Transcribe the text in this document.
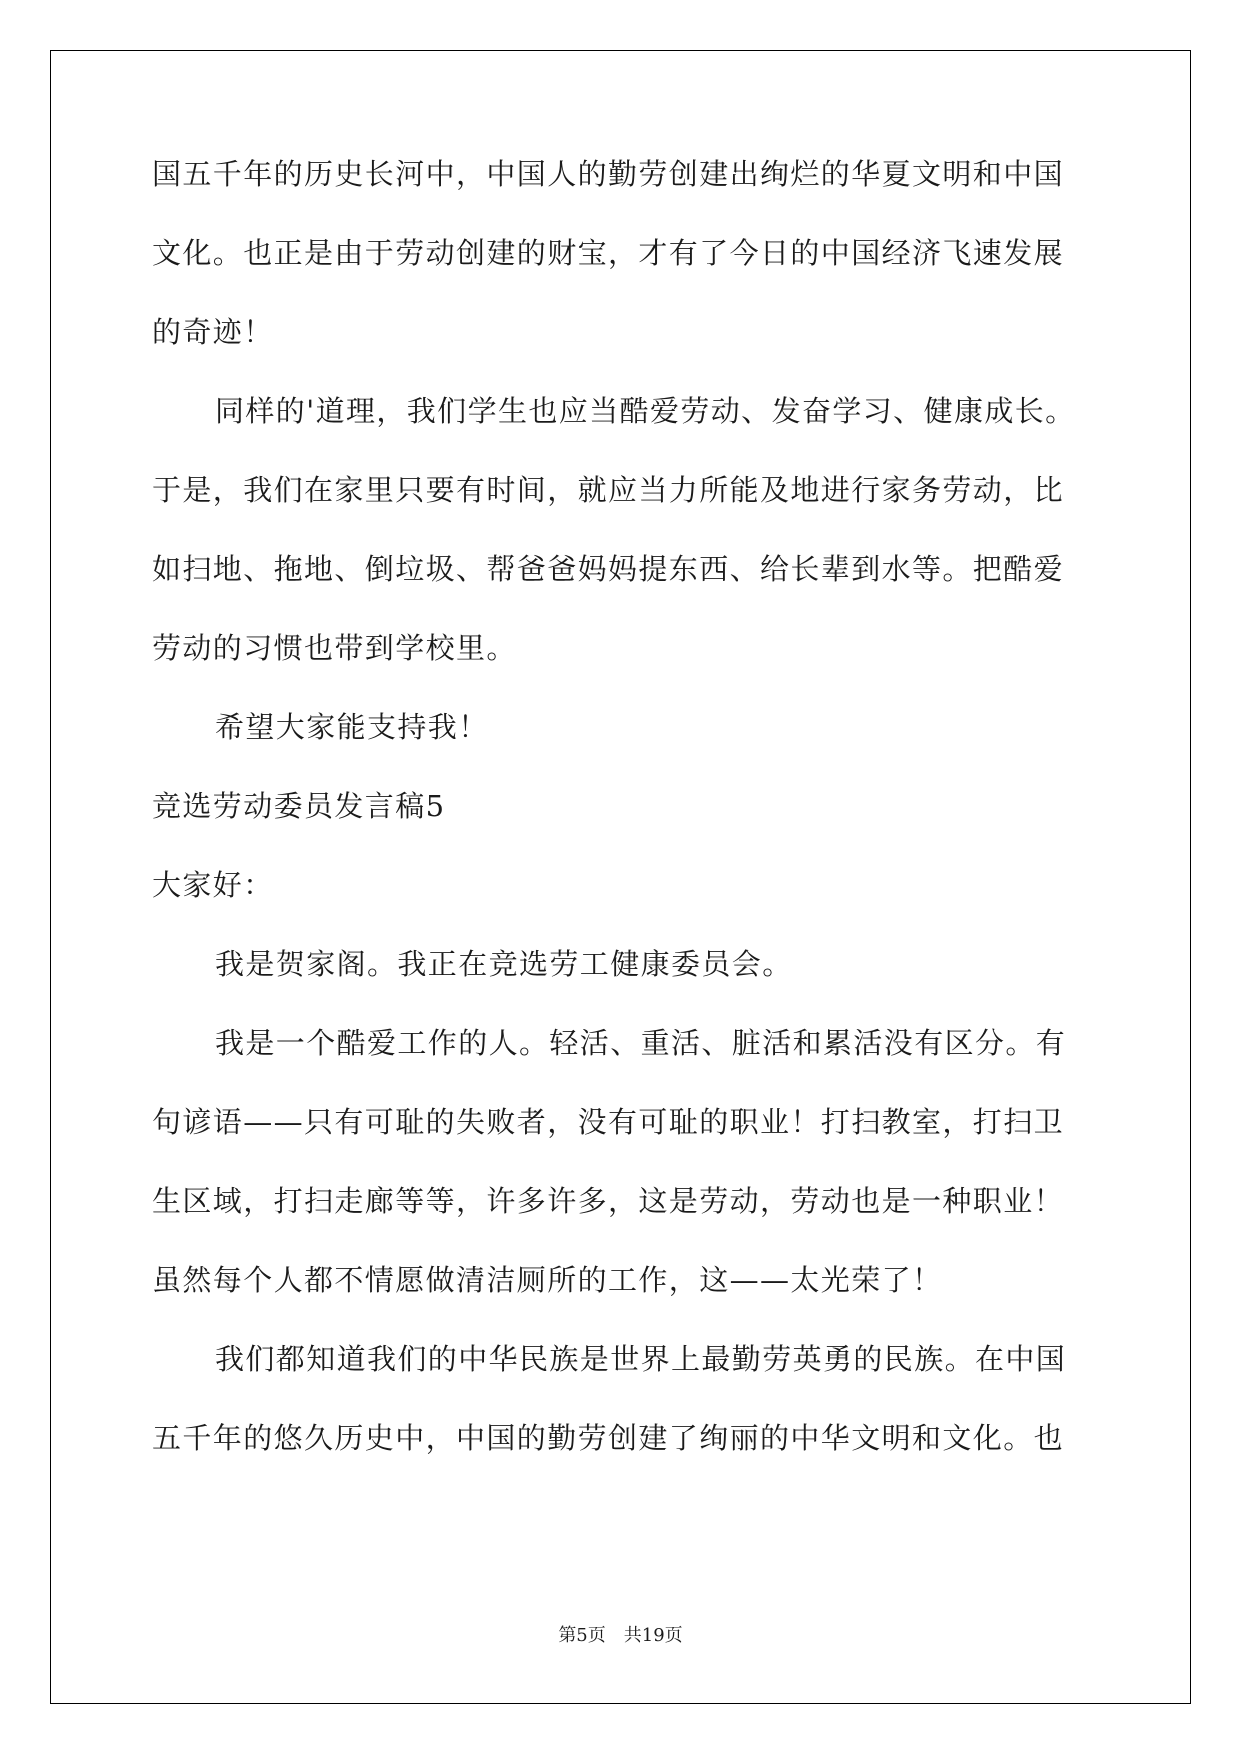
国五千年的历史长河中，中国人的勤劳创建出绚烂的华夏文明和中国
文化。也正是由于劳动创建的财宝，才有了今日的中国经济飞速发展
的奇迹！
同样的'道理，我们学生也应当酷爱劳动、发奋学习、健康成长。
于是，我们在家里只要有时间，就应当力所能及地进行家务劳动，比
如扫地、拖地、倒垃圾、帮爸爸妈妈提东西、给长辈到水等。把酷爱
劳动的习惯也带到学校里。
希望大家能支持我！
竞选劳动委员发言稿5
大家好：
我是贺家阁。我正在竞选劳工健康委员会。
我是一个酷爱工作的人。轻活、重活、脏活和累活没有区分。有
句谚语——只有可耻的失败者，没有可耻的职业！打扫教室，打扫卫
生区域，打扫走廊等等，许多许多，这是劳动，劳动也是一种职业！
虽然每个人都不情愿做清洁厕所的工作，这——太光荣了！
我们都知道我们的中华民族是世界上最勤劳英勇的民族。在中国
五千年的悠久历史中，中国的勤劳创建了绚丽的中华文明和文化。也
第5页　共19页
